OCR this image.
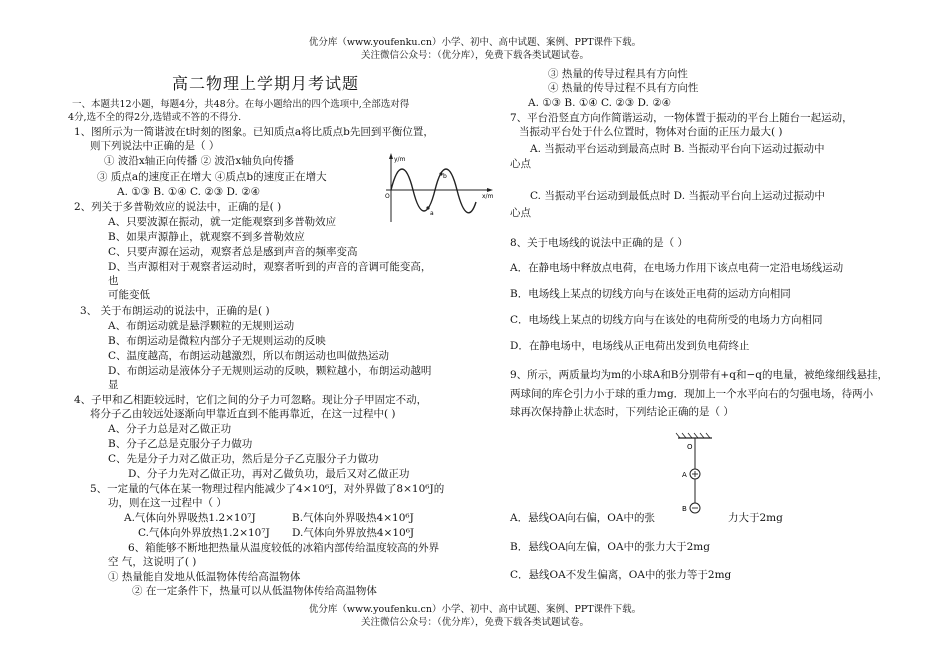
优分库（www.youfenku.cn）小学、初中、高中试题、案例、PPT课件下载。
关注微信公众号：（优分库），免费下载各类试题试卷。
优分库（www.youfenku.cn）小学、初中、高中试题、案例、PPT课件下载。
关注微信公众号：（优分库），免费下载各类试题试卷。
高二物理上学期月考试题
一、本题共12小题，每题4分，共48分。在每小题给出的四个选项中,全部选对得
4分,选不全的得2分,选错或不答的不得分.
1、图所示为一简谐波在t时刻的图象。已知质点a将比质点b先回到平衡位置，
则下列说法中正确的是（ ）
① 波沿x轴正向传播 ② 波沿x轴负向传播
③ 质点a的速度正在增大 ④质点b的速度正在增大
A. ①③ B. ①④ C. ②③ D. ②④
y/m
x/m
O
a
b
2、列关于多普勒效应的说法中，正确的是( )
A、只要波源在振动，就一定能观察到多普勒效应
B、如果声源静止，就观察不到多普勒效应
C、只要声源在运动，观察者总是感到声音的频率变高
D、当声源相对于观察者运动时，观察者听到的声音的音调可能变高，
也
可能变低
3、 关于布朗运动的说法中，正确的是( )
A、布朗运动就是悬浮颗粒的无规则运动
B、布朗运动是微粒内部分子无规则运动的反映
C、温度越高，布朗运动越激烈，所以布朗运动也叫做热运动
D、布朗运动是液体分子无规则运动的反映，颗粒越小，布朗运动越明
显
4、子甲和乙相距较远时，它们之间的分子力可忽略。现让分子甲固定不动，
将分子乙由较远处逐渐向甲靠近直到不能再靠近，在这一过程中( )
A、分子力总是对乙做正功
B、分子乙总是克服分子力做功
C、先是分子力对乙做正功，然后是分子乙克服分子力做功
D、分子力先对乙做正功，再对乙做负功，最后又对乙做正功
5、一定量的气体在某一物理过程内能减少了4×10⁶J，对外界做了8×10⁶J的
功，则在这一过程中（ ）
A.气体向外界吸热1.2×10⁷J	B.气体向外界吸热4×10⁶J
C.气体向外界放热1.2×10⁷J D.气体向外界放热4×10⁶J
6、箱能够不断地把热量从温度较低的冰箱内部传给温度较高的外界
空 气，这说明了( )
① 热量能自发地从低温物体传给高温物体
② 在一定条件下，热量可以从低温物体传给高温物体
③ 热量的传导过程具有方向性
④ 热量的传导过程不具有方向性
A. ①③ B. ①④ C. ②③ D. ②④
7、平台沿竖直方向作简谐运动，一物体置于振动的平台上随台一起运动，
当振动平台处于什么位置时，物体对台面的正压力最大( )
A. 当振动平台运动到最高点时 B. 当振动平台向下运动过振动中
心点
C. 当振动平台运动到最低点时 D. 当振动平台向上运动过振动中
心点
8、关于电场线的说法中正确的是（ ）
A．在静电场中释放点电荷，在电场力作用下该点电荷一定沿电场线运动
B．电场线上某点的切线方向与在该处正电荷的运动方向相同
C．电场线上某点的切线方向与在该处的电荷所受的电场力方向相同
D．在静电场中，电场线从正电荷出发到负电荷终止
9、所示，两质量均为m的小球A和B分别带有+q和−q的电量，被绝缘细线悬挂，
两球间的库仑引力小于球的重力mg．现加上一个水平向右的匀强电场，待两小
球再次保持静止状态时，下列结论正确的是（ ）
O
A
B
A．悬线OA向右偏，OA中的张	力大于2mg
B．悬线OA向左偏，OA中的张力大于2mg
C．悬线OA不发生偏离，OA中的张力等于2mg
